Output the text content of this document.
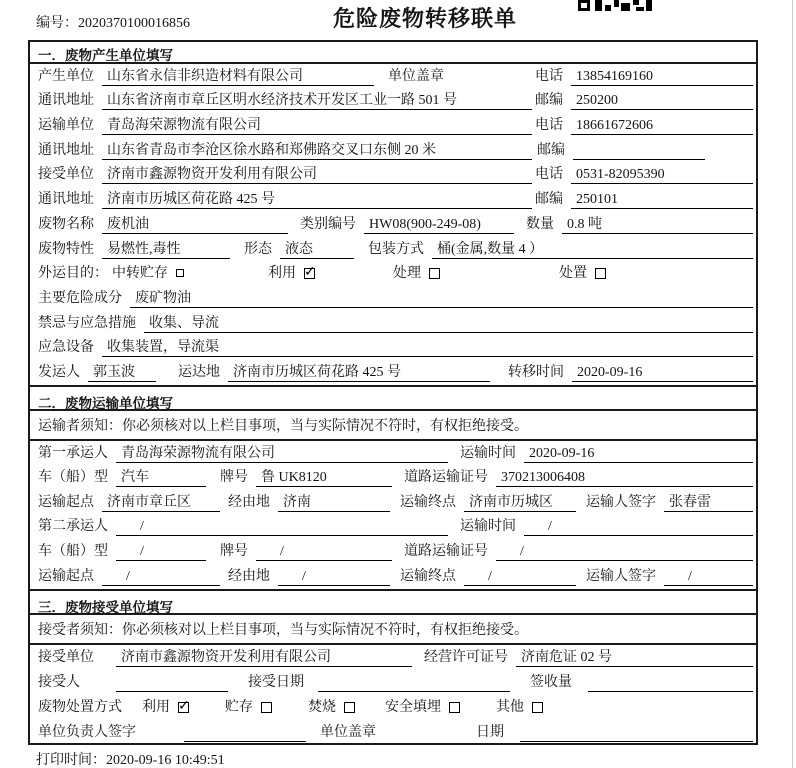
编号：2020370100016856	危险废物转移联单
一．废物产生单位填写
产生单位 山东省永信非织造材料有限公司	单位盖章	电话 13854169160
通讯地址 山东省济南市章丘区明水经济技术开发区工业一路 501 号	邮编 250200
运输单位 青岛海荣源物流有限公司	电话 18661672606
通讯地址 山东省青岛市李沧区徐水路和郑佛路交叉口东侧 20 米	邮编
接受单位 济南市鑫源物资开发利用有限公司	电话 0531-82095390
通讯地址 济南市历城区荷花路 425 号	邮编 250101
废物名称 废机油	类别编号 HW08(900-249-08)	数量 0.8 吨
废物特性 易燃性,毒性	形态 液态	包装方式 桶(金属,数量 4 ）
外运目的： 中转贮存	利用 ✓	处理	处置
主要危险成分 废矿物油
禁忌与应急措施 收集、导流
应急设备 收集装置，导流渠
发运人 郭玉波	运达地 济南市历城区荷花路 425 号	转移时间 2020-09-16
二．废物运输单位填写
运输者须知：你必须核对以上栏目事项，当与实际情况不符时，有权拒绝接受。
第一承运人 青岛海荣源物流有限公司	运输时间 2020-09-16
车（船）型 汽车	牌号 鲁 UK8120	道路运输证号 370213006408
运输起点 济南市章丘区	经由地 济南	运输终点 济南市历城区	运输人签字 张春雷
第二承运人	/	运输时间	/
车（船）型	/	牌号	/	道路运输证号	/
运输起点	/	经由地	/	运输终点	/	运输人签字	/
三．废物接受单位填写
接受者须知：你必须核对以上栏目事项，当与实际情况不符时，有权拒绝接受。
接受单位	济南市鑫源物资开发利用有限公司	经营许可证号 济南危证 02 号
接受人	接受日期	签收量
废物处置方式 利用 ✓	贮存	焚烧	安全填埋	其他
单位负责人签字	单位盖章	日期
打印时间：2020-09-16 10:49:51
